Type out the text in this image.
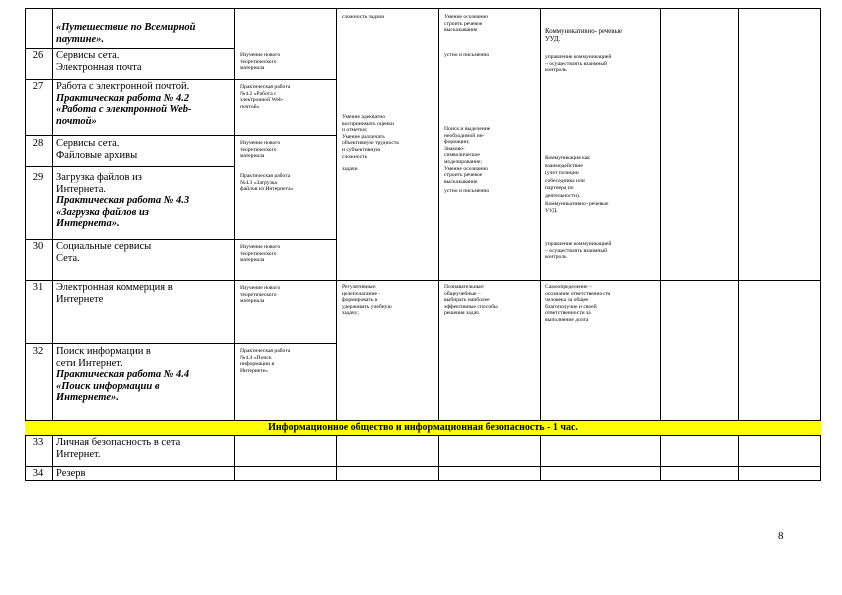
Информационное общество и информационная безопасность - 1 час.
26
27
28
29
30
31
32
33
34
«Путешествие по Всемирной
паутине».
Сервисы сета.
Электронная почта
Работа с электронной почтой.
Практическая работа № 4.2
«Работа с электронной Web-
почтой»
Сервисы сета.
Файловые архивы
Загрузка файлов из
Интернета.
Практическая работа № 4.3
«Загрузка файлов из
Интернета».
Социальные сервисы
Сета.
Электронная коммерция в
Интернете
Поиск информации в
сети Интернет.
Практическая работа № 4.4
«Поиск информации в
Интернете».
Личная безопасность в сета
Интернет.
Резерв
Изучение нового
теоретического
материала
Практическая работа
№4.2 «Работа с
электронной Web-
почтой»
Изучение нового
теоретического
материала
Практическая работа
№4.3 «Загрузка
файлов из Интернета»
Изучение нового
теоретического
материала
Изучение нового
теоретического
материала
Практическая работа
№4.4 «Поиск
информации в
Интернете»
сложность задачи
Умение адекватно
воспринимать оценки
и отметки;
Умение различать
объективную трудность
и субъективную
сложность
задачи
Регулятивные:
целеполагание -
формировать и
удерживать учебную
задачу;
Умение осознанно
строить речевое
высказывание
устно и письменно
Поиск и выделение
необходимой ин-
формации;
Знаково-
символическое
моделирование;
Умение осознанно
строить речевое
высказывание
устно и письменно
Познавательные:
общеучебные –
выбирать наиболее
эффективные способы
решения задач.
Коммуникативно- речевые
УУД.
управление коммуникацией
– осуществлять взаимный
контроль
Коммуникация как
взаимодействие
(учет позиции
собеседника или
партнера по
деятельности).
Коммуникативно- речевые
УУД.
управление коммуникацией
– осуществлять взаимный
контроль
Самоопределение –
осознание ответственности
человека за общее
благополучие и своей
ответственности за
выполнение долга
8
